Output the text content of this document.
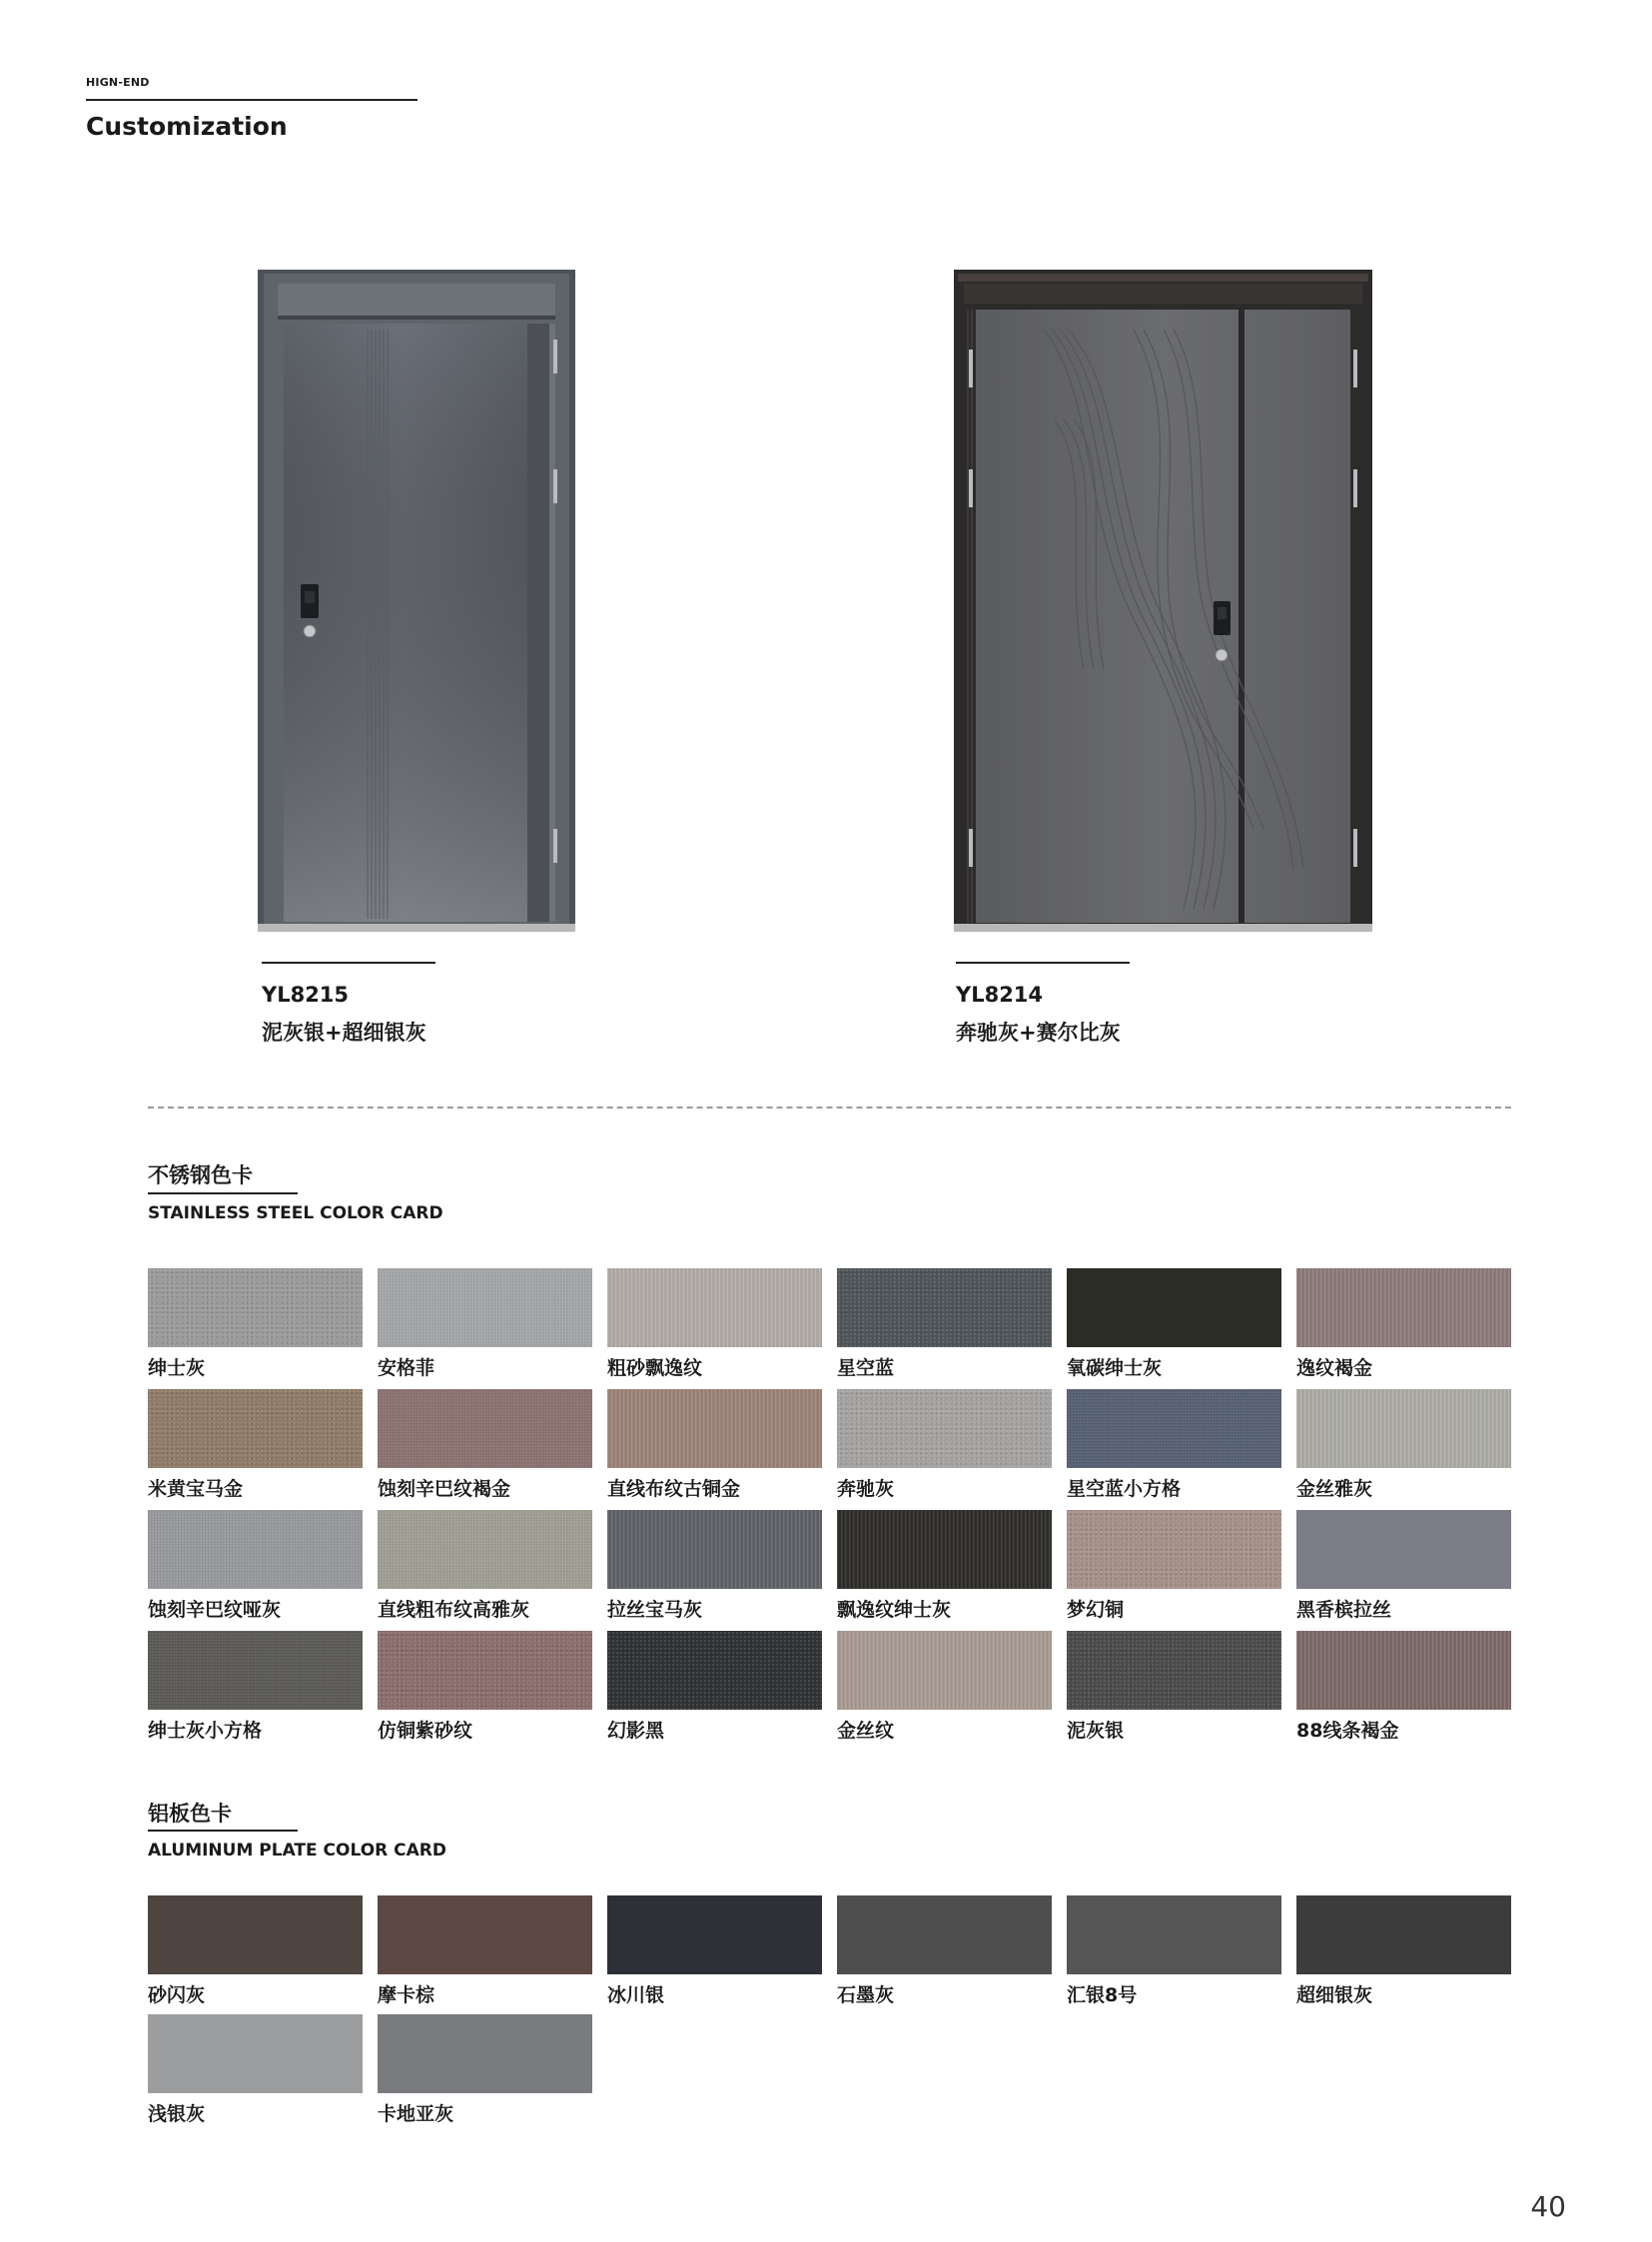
HIGN-END
Customization
YL8215
泥灰银+超细银灰
YL8214
奔驰灰+赛尔比灰
不锈钢色卡
STAINLESS STEEL COLOR CARD
绅士灰	安格菲	粗砂飘逸纹	星空蓝	氧碳绅士灰	逸纹褐金
米黄宝马金	蚀刻辛巴纹褐金	直线布纹古铜金	奔驰灰	星空蓝小方格	金丝雅灰
蚀刻辛巴纹哑灰	直线粗布纹高雅灰	拉丝宝马灰	飘逸纹绅士灰	梦幻铜	黑香槟拉丝
绅士灰小方格	仿铜紫砂纹	幻影黑	金丝纹	泥灰银	88线条褐金
铝板色卡
ALUMINUM PLATE COLOR CARD
砂闪灰	摩卡棕	冰川银	石墨灰	汇银8号	超细银灰
浅银灰	卡地亚灰
40
